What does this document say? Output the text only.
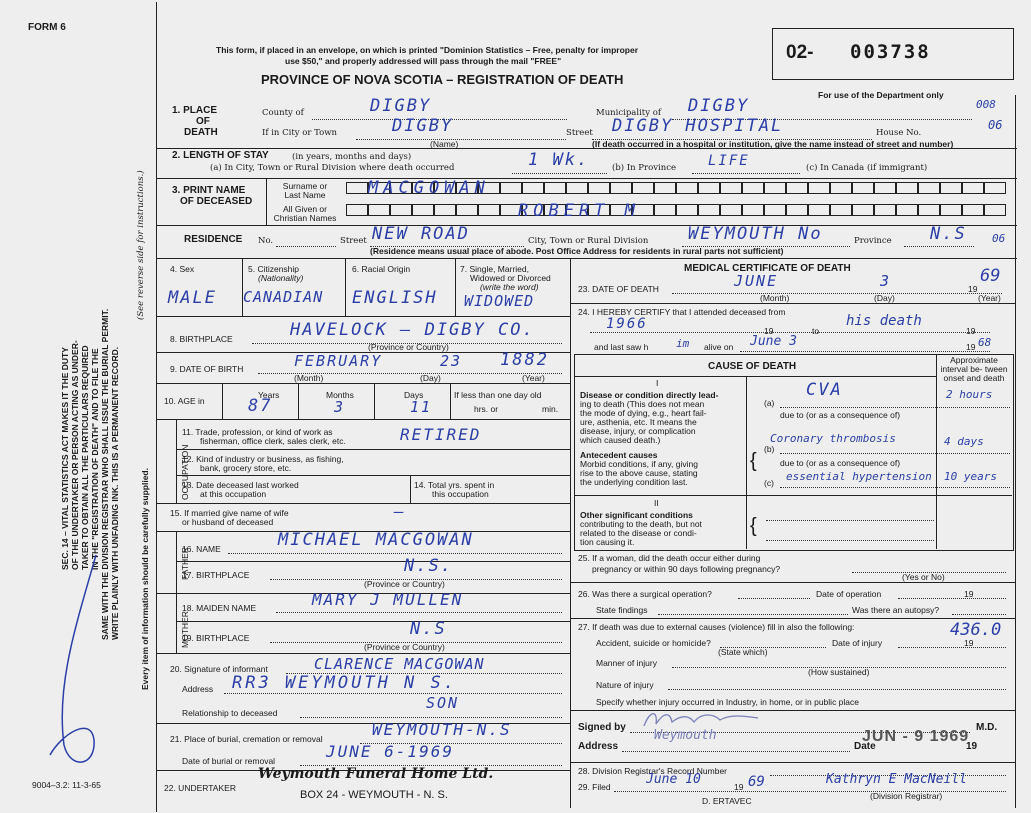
FORM 6
This form, if placed in an envelope, on which is printed "Dominion Statistics – Free, penalty for improper
use $50," and properly addressed will pass through the mail "FREE"
PROVINCE OF NOVA SCOTIA – REGISTRATION OF DEATH
02- 003738
For use of the Department only
SEC. 14 – VITAL STATISTICS ACT MAKES IT THE DUTY OF THE UNDERTAKER OR PERSON ACTING AS UNDER- TAKER TO OBTAIN ALL THE PARTICULARS REQUIRED IN THE "REGISTRATION OF DEATH" AND TO FILE THE SAME WITH THE DIVISION REGISTRAR WHO SHALL ISSUE THE BURIAL PERMIT. WRITE PLAINLY WITH UNFADING INK. THIS IS A PERMANENT RECORD.
(See reverse side for instructions.)
Every item of information should be carefully supplied.
9004–3.2: 11-3-65
1. PLACE
OF
DEATH
County of	DIGBY	Municipality of DIGBY	008
If in City or Town	DIGBY
(Name)
Street DIGBY HOSPITAL	House No.
06
(If death occurred in a hospital or institution, give the name instead of street and number)
2. LENGTH OF STAY	(in years, months and days)
(a) In City, Town or Rural Division where death occurred	1 Wk.	(b) In Province LIFE	(c) In Canada (if immigrant)
3. PRINT NAME
OF DECEASED
Surname or
Last Name
All Given or
Christian Names
MACGOWAN
ROBERT M
RESIDENCE No.	Street NEW ROAD	City, Town or Rural Division WEYMOUTH No	Province N.S 06
(Residence means usual place of abode. Post Office Address for residents in rural parts not sufficient)
4. Sex
MALE
5. Citizenship
(Nationality)
CANADIAN
6. Racial Origin
ENGLISH
7. Single, Married,
Widowed or Divorced
(write the word)
WIDOWED
8. BIRTHPLACE	HAVELOCK – DIGBY CO.
(Province or Country)
9. DATE OF BIRTH	FEBRUARY	23 1882
(Month)	(Day)	(Year)
10. AGE in
Years
87
Months
3
Days
11
If less than one day old
hrs. or	min.
OCCUPATION
11. Trade, profession, or kind of work as
fisherman, office clerk, sales clerk, etc.	RETIRED
12. Kind of industry or business, as fishing,
bank, grocery store, etc.
13. Date deceased last worked
at this occupation
14. Total yrs. spent in
this occupation
15. If married give name of wife
or husband of deceased
—
FATHER
16. NAME	MICHAEL MACGOWAN
17. BIRTHPLACE	N.S.
(Province or Country)
MOTHER
18. MAIDEN NAME	MARY J MULLEN
19. BIRTHPLACE	N.S
(Province or Country)
20. Signature of informant	CLARENCE MACGOWAN
Address RR3 WEYMOUTH N S.
Relationship to deceased
SON
21. Place of burial, cremation or removal	WEYMOUTH-N.S
Date of burial or removal	JUNE 6-1969
22. UNDERTAKER
Weymouth Funeral Home Ltd.
BOX 24 - WEYMOUTH - N. S.
MEDICAL CERTIFICATE OF DEATH
23. DATE OF DEATH	JUNE	3	19
69
(Month)	(Day)	(Year)
24. I HEREBY CERTIFY that I attended deceased from
1966	19	to
his death
19
and last saw h	im alive on June 3	19 68
CAUSE OF DEATH
Approximate interval be- tween onset and death
I
Disease or condition directly lead-
ing to death (This does not mean
the mode of dying, e.g., heart fail-
ure, asthenia, etc. It means the
disease, injury, or complication
which caused death.)
(a)
CVA	2 hours
due to (or as a consequence of)
Antecedent causes
Morbid conditions, if any, giving
rise to the above cause, stating
the underlying condition last.
{
(b)
Coronary thrombosis	4 days
due to (or as a consequence of)
(c) essential hypertension 10 years
II
Other significant conditions
contributing to the death, but not
related to the disease or condi-
tion causing it.
{
25. If a woman, did the death occur either during
pregnancy or within 90 days following pregnancy?
(Yes or No)
26. Was there a surgical operation?	Date of operation	19
State findings	Was there an autopsy?
27. If death was due to external causes (violence) fill in also the following:	436.0
Accident, suicide or homicide?	Date of injury	19
(State which)
Manner of injury
(How sustained)
Nature of injury
Specify whether injury occurred in Industry, in home, or in public place
Signed by	M.D.
Address
Weymouth
Date
JUN - 9 1969
19
28. Division Registrar's Record Number
29. Filed	June 10	19 69	Kathryn E MacNeill
(Division Registrar)
D. ERTAVEC
